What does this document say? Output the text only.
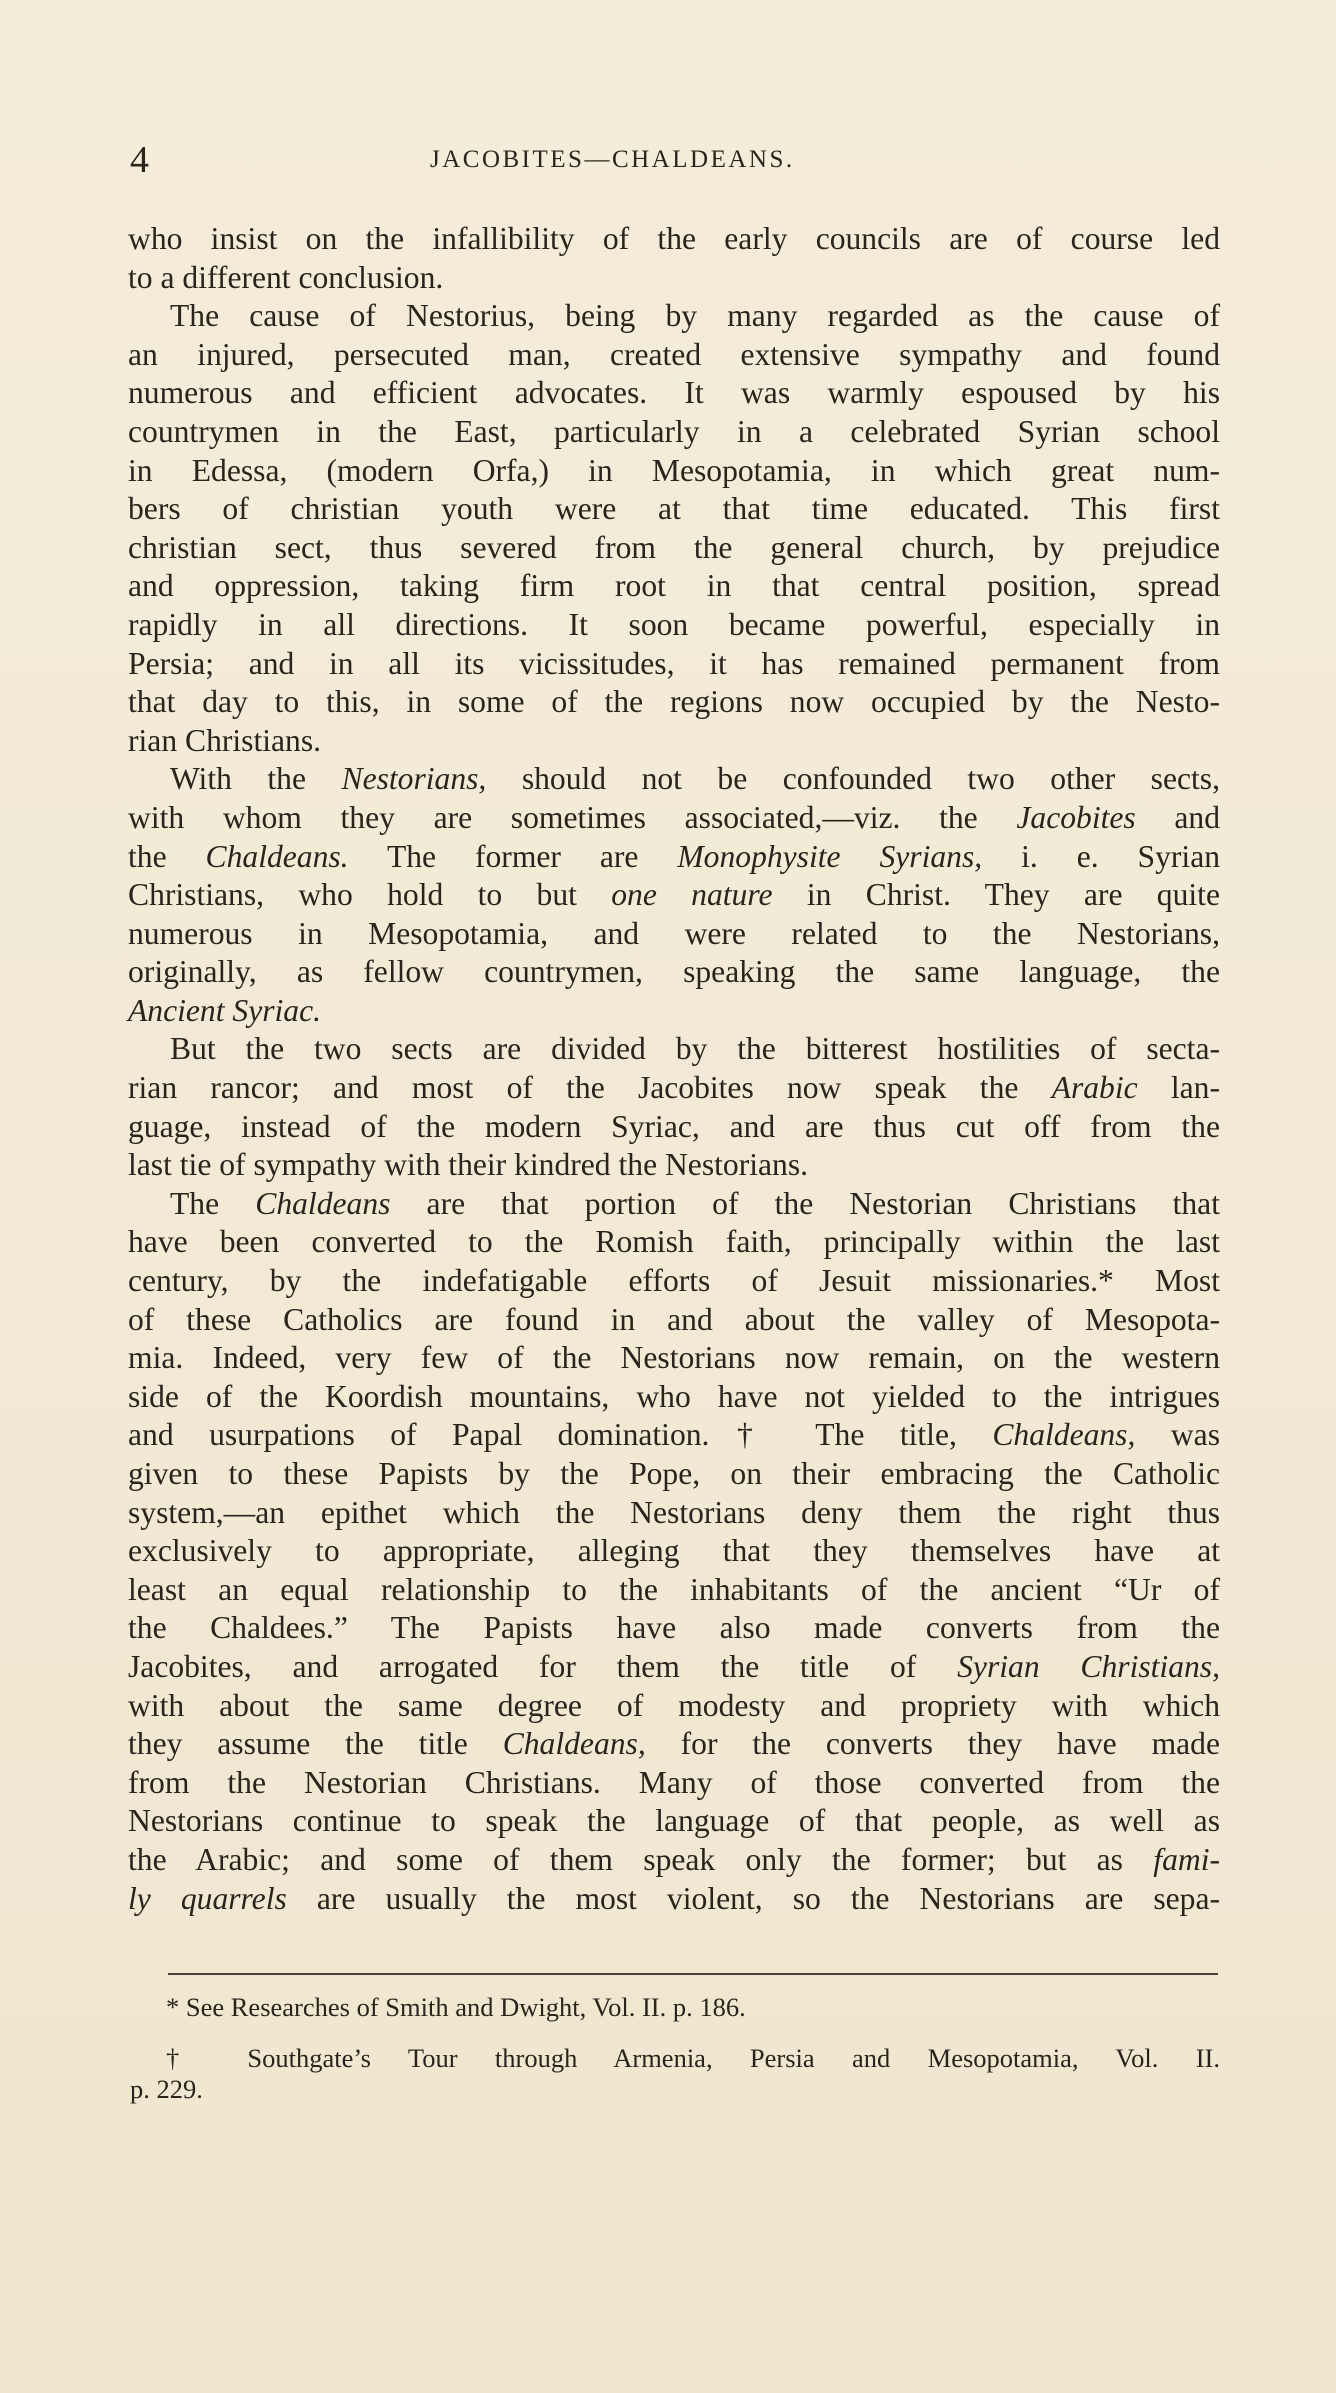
4	JACOBITES—CHALDEANS.
who insist on the infallibility of the early councils are of course led
to a different conclusion.
The cause of Nestorius, being by many regarded as the cause of
an injured, persecuted man, created extensive sympathy and found
numerous and efficient advocates. It was warmly espoused by his
countrymen in the East, particularly in a celebrated Syrian school
in Edessa, (modern Orfa,) in Mesopotamia, in which great num-
bers of christian youth were at that time educated. This first
christian sect, thus severed from the general church, by prejudice
and oppression, taking firm root in that central position, spread
rapidly in all directions. It soon became powerful, especially in
Persia; and in all its vicissitudes, it has remained permanent from
that day to this, in some of the regions now occupied by the Nesto-
rian Christians.
With the Nestorians, should not be confounded two other sects,
with whom they are sometimes associated,—viz. the Jacobites and
the Chaldeans. The former are Monophysite Syrians, i. e. Syrian
Christians, who hold to but one nature in Christ. They are quite
numerous in Mesopotamia, and were related to the Nestorians,
originally, as fellow countrymen, speaking the same language, the
Ancient Syriac.
But the two sects are divided by the bitterest hostilities of secta-
rian rancor; and most of the Jacobites now speak the Arabic lan-
guage, instead of the modern Syriac, and are thus cut off from the
last tie of sympathy with their kindred the Nestorians.
The Chaldeans are that portion of the Nestorian Christians that
have been converted to the Romish faith, principally within the last
century, by the indefatigable efforts of Jesuit missionaries.* Most
of these Catholics are found in and about the valley of Mesopota-
mia. Indeed, very few of the Nestorians now remain, on the western
side of the Koordish mountains, who have not yielded to the intrigues
and usurpations of Papal domination.† The title, Chaldeans, was
given to these Papists by the Pope, on their embracing the Catholic
system,—an epithet which the Nestorians deny them the right thus
exclusively to appropriate, alleging that they themselves have at
least an equal relationship to the inhabitants of the ancient “Ur of
the Chaldees.” The Papists have also made converts from the
Jacobites, and arrogated for them the title of Syrian Christians,
with about the same degree of modesty and propriety with which
they assume the title Chaldeans, for the converts they have made
from the Nestorian Christians. Many of those converted from the
Nestorians continue to speak the language of that people, as well as
the Arabic; and some of them speak only the former; but as fami-
ly quarrels are usually the most violent, so the Nestorians are sepa-
* See Researches of Smith and Dwight, Vol. II. p. 186.
† Southgate’s Tour through Armenia, Persia and Mesopotamia, Vol. II.
p. 229.
